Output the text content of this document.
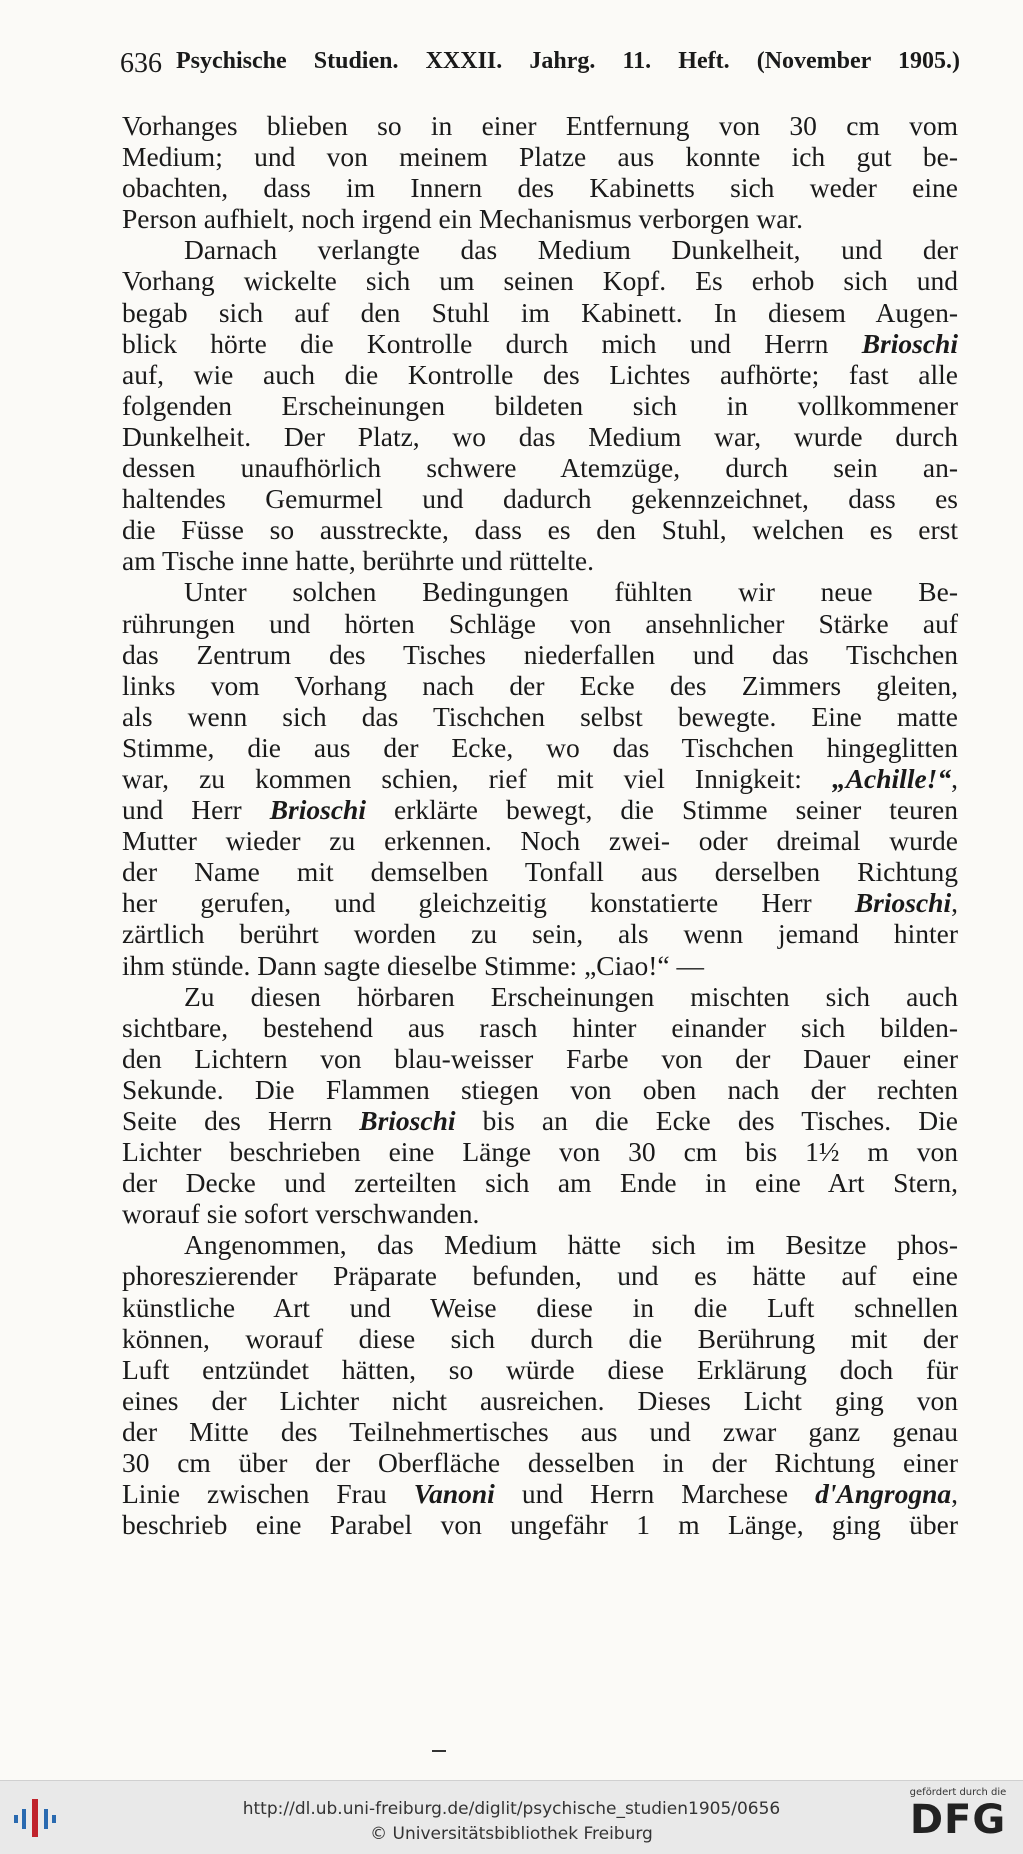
636 Psychische Studien. XXXII. Jahrg. 11. Heft. (November 1905.)
Vorhanges blieben so in einer Entfernung von 30 cm vom
Medium; und von meinem Platze aus konnte ich gut be-
obachten, dass im Innern des Kabinetts sich weder eine
Person aufhielt, noch irgend ein Mechanismus verborgen war.
Darnach verlangte das Medium Dunkelheit, und der
Vorhang wickelte sich um seinen Kopf. Es erhob sich und
begab sich auf den Stuhl im Kabinett. In diesem Augen-
blick hörte die Kontrolle durch mich und Herrn Brioschi
auf, wie auch die Kontrolle des Lichtes aufhörte; fast alle
folgenden Erscheinungen bildeten sich in vollkommener
Dunkelheit. Der Platz, wo das Medium war, wurde durch
dessen unaufhörlich schwere Atemzüge, durch sein an-
haltendes Gemurmel und dadurch gekennzeichnet, dass es
die Füsse so ausstreckte, dass es den Stuhl, welchen es erst
am Tische inne hatte, berührte und rüttelte.
Unter solchen Bedingungen fühlten wir neue Be-
rührungen und hörten Schläge von ansehnlicher Stärke auf
das Zentrum des Tisches niederfallen und das Tischchen
links vom Vorhang nach der Ecke des Zimmers gleiten,
als wenn sich das Tischchen selbst bewegte. Eine matte
Stimme, die aus der Ecke, wo das Tischchen hingeglitten
war, zu kommen schien, rief mit viel Innigkeit: „Achille!“,
und Herr Brioschi erklärte bewegt, die Stimme seiner teuren
Mutter wieder zu erkennen. Noch zwei- oder dreimal wurde
der Name mit demselben Tonfall aus derselben Richtung
her gerufen, und gleichzeitig konstatierte Herr Brioschi,
zärtlich berührt worden zu sein, als wenn jemand hinter
ihm stünde. Dann sagte dieselbe Stimme: „Ciao!“ —
Zu diesen hörbaren Erscheinungen mischten sich auch
sichtbare, bestehend aus rasch hinter einander sich bilden-
den Lichtern von blau-weisser Farbe von der Dauer einer
Sekunde. Die Flammen stiegen von oben nach der rechten
Seite des Herrn Brioschi bis an die Ecke des Tisches. Die
Lichter beschrieben eine Länge von 30 cm bis 1½ m von
der Decke und zerteilten sich am Ende in eine Art Stern,
worauf sie sofort verschwanden.
Angenommen, das Medium hätte sich im Besitze phos-
phoreszierender Präparate befunden, und es hätte auf eine
künstliche Art und Weise diese in die Luft schnellen
können, worauf diese sich durch die Berührung mit der
Luft entzündet hätten, so würde diese Erklärung doch für
eines der Lichter nicht ausreichen. Dieses Licht ging von
der Mitte des Teilnehmertisches aus und zwar ganz genau
30 cm über der Oberfläche desselben in der Richtung einer
Linie zwischen Frau Vanoni und Herrn Marchese d'Angrogna,
beschrieb eine Parabel von ungefähr 1 m Länge, ging über
http://dl.ub.uni-freiburg.de/diglit/psychische_studien1905/0656
© Universitätsbibliothek Freiburg
gefördert durch die
DFG
